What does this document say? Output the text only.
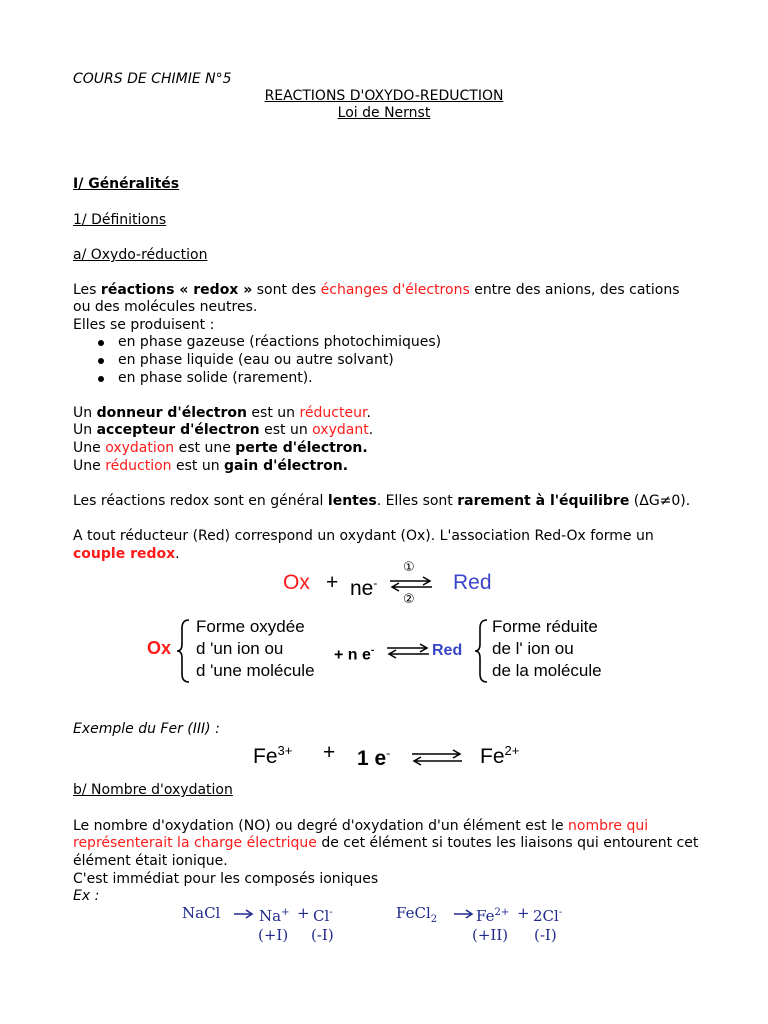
COURS DE CHIMIE N°5
REACTIONS D'OXYDO-REDUCTION
Loi de Nernst
I/ Généralités
1/ Définitions
a/ Oxydo-réduction
Les réactions « redox » sont des échanges d'électrons entre des anions, des cations
ou des molécules neutres.
Elles se produisent :
en phase gazeuse (réactions photochimiques)
en phase liquide (eau ou autre solvant)
en phase solide (rarement).
Un donneur d'électron est un réducteur.
Un accepteur d'électron est un oxydant.
Une oxydation est une perte d'électron.
Une réduction est un gain d'électron.
Les réactions redox sont en général lentes. Elles sont rarement à l'équilibre (ΔG≠0).
A tout réducteur (Red) correspond un oxydant (Ox). L'association Red-Ox forme un
couple redox.
Ox + ne-
①
②
⇌ Red
Ox
Forme oxydée
d 'un ion ou
d 'une molécule
+ n e- ⇌ Red
Forme réduite
de l' ion ou
de la molécule
Exemple du Fer (III) :
$Fe^{3+} + 1$ e- ⇌ $Fe^{2+}$
b/ Nombre d'oxydation
Le nombre d'oxydation (NO) ou degré d'oxydation d'un élément est le nombre qui
représenterait la charge électrique de cet élément si toutes les liaisons qui entourent cet
élément était ionique.
C'est immédiat pour les composés ioniques
Ex :
NaCl → Na+ + Cl-
(+I) (-I)
FeCl$_2$ → $Fe^{2+} + 2Cl^-$
(+II) (-I)
